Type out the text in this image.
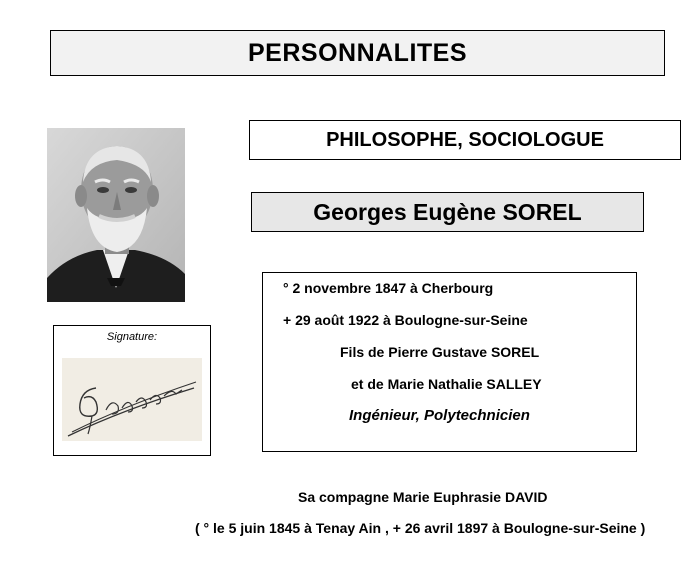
PERSONNALITES
PHILOSOPHE, SOCIOLOGUE
Georges Eugène SOREL
Signature:
° 2 novembre 1847 à Cherbourg
+ 29 août 1922 à Boulogne-sur-Seine
Fils de Pierre Gustave SOREL
et de Marie Nathalie SALLEY
Ingénieur, Polytechnicien
Sa compagne Marie Euphrasie DAVID
( ° le 5 juin 1845 à Tenay Ain , + 26 avril 1897 à Boulogne-sur-Seine )
